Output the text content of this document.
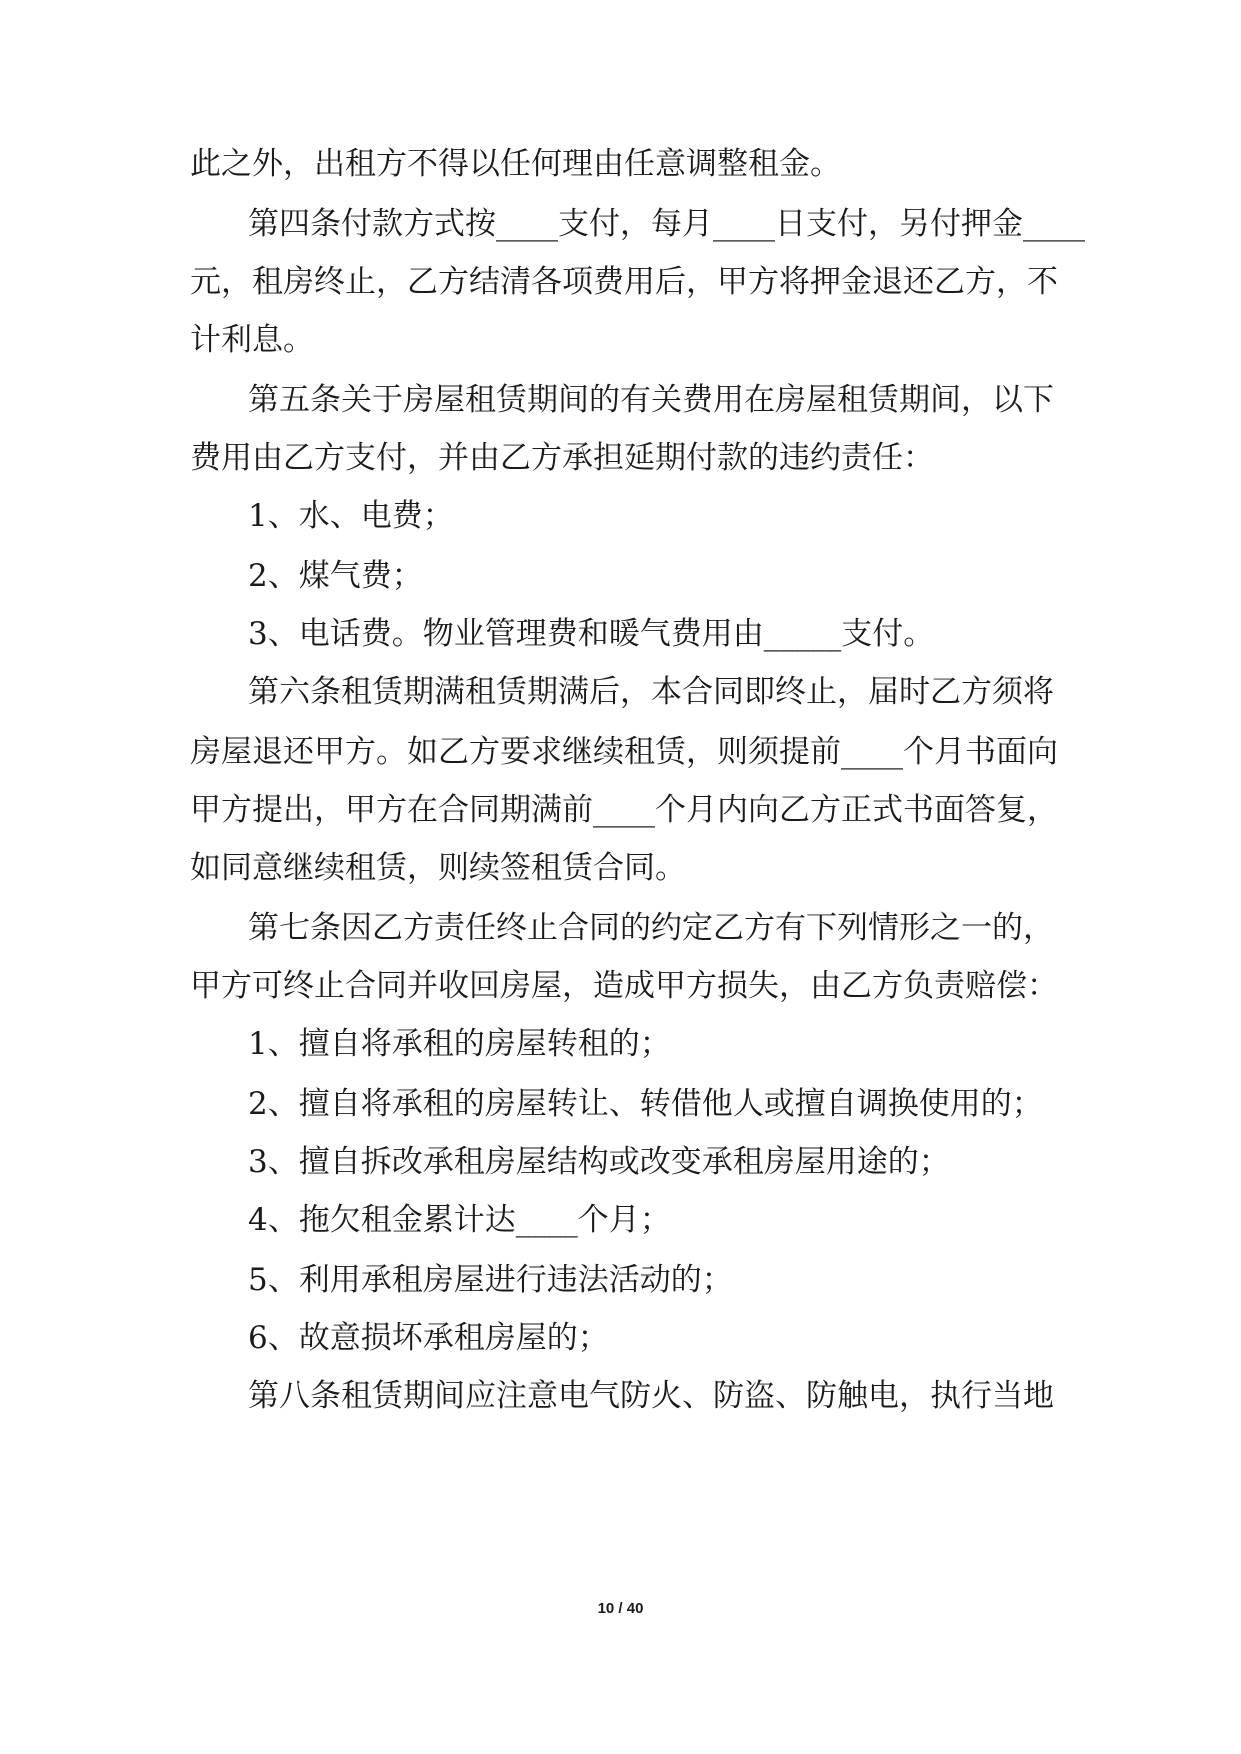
此之外，出租方不得以任何理由任意调整租金。
第四条付款方式按____支付，每月____日支付，另付押金____
元，租房终止，乙方结清各项费用后，甲方将押金退还乙方，不
计利息。
第五条关于房屋租赁期间的有关费用在房屋租赁期间，以下
费用由乙方支付，并由乙方承担延期付款的违约责任：
1、水、电费；
2、煤气费；
3、电话费。物业管理费和暖气费用由_____支付。
第六条租赁期满租赁期满后，本合同即终止，届时乙方须将
房屋退还甲方。如乙方要求继续租赁，则须提前____个月书面向
甲方提出，甲方在合同期满前____个月内向乙方正式书面答复，
如同意继续租赁，则续签租赁合同。
第七条因乙方责任终止合同的约定乙方有下列情形之一的，
甲方可终止合同并收回房屋，造成甲方损失，由乙方负责赔偿：
1、擅自将承租的房屋转租的；
2、擅自将承租的房屋转让、转借他人或擅自调换使用的；
3、擅自拆改承租房屋结构或改变承租房屋用途的；
4、拖欠租金累计达____个月；
5、利用承租房屋进行违法活动的；
6、故意损坏承租房屋的；
第八条租赁期间应注意电气防火、防盗、防触电，执行当地
10 / 40
